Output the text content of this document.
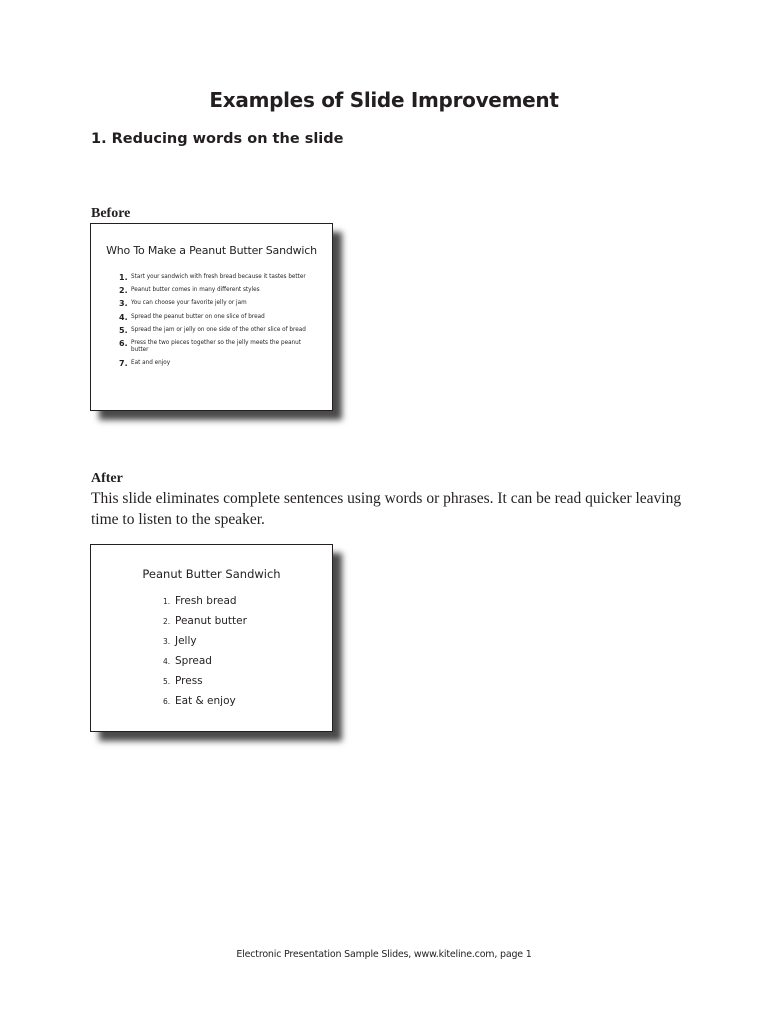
Examples of Slide Improvement
1. Reducing words on the slide
Before
Who To Make a Peanut Butter Sandwich
1. Start your sandwich with fresh bread because it tastes better
2. Peanut butter comes in many different styles
3. You can choose your favorite jelly or jam
4. Spread the peanut butter on one slice of bread
5. Spread the jam or jelly on one side of the other slice of bread
6. Press the two pieces together so the jelly meets the peanut butter
7. Eat and enjoy
After
This slide eliminates complete sentences using words or phrases. It can be read quicker leaving time to listen to the speaker.
Peanut Butter Sandwich
1. Fresh bread
2. Peanut butter
3. Jelly
4. Spread
5. Press
6. Eat & enjoy
Electronic Presentation Sample Slides, www.kiteline.com, page 1
